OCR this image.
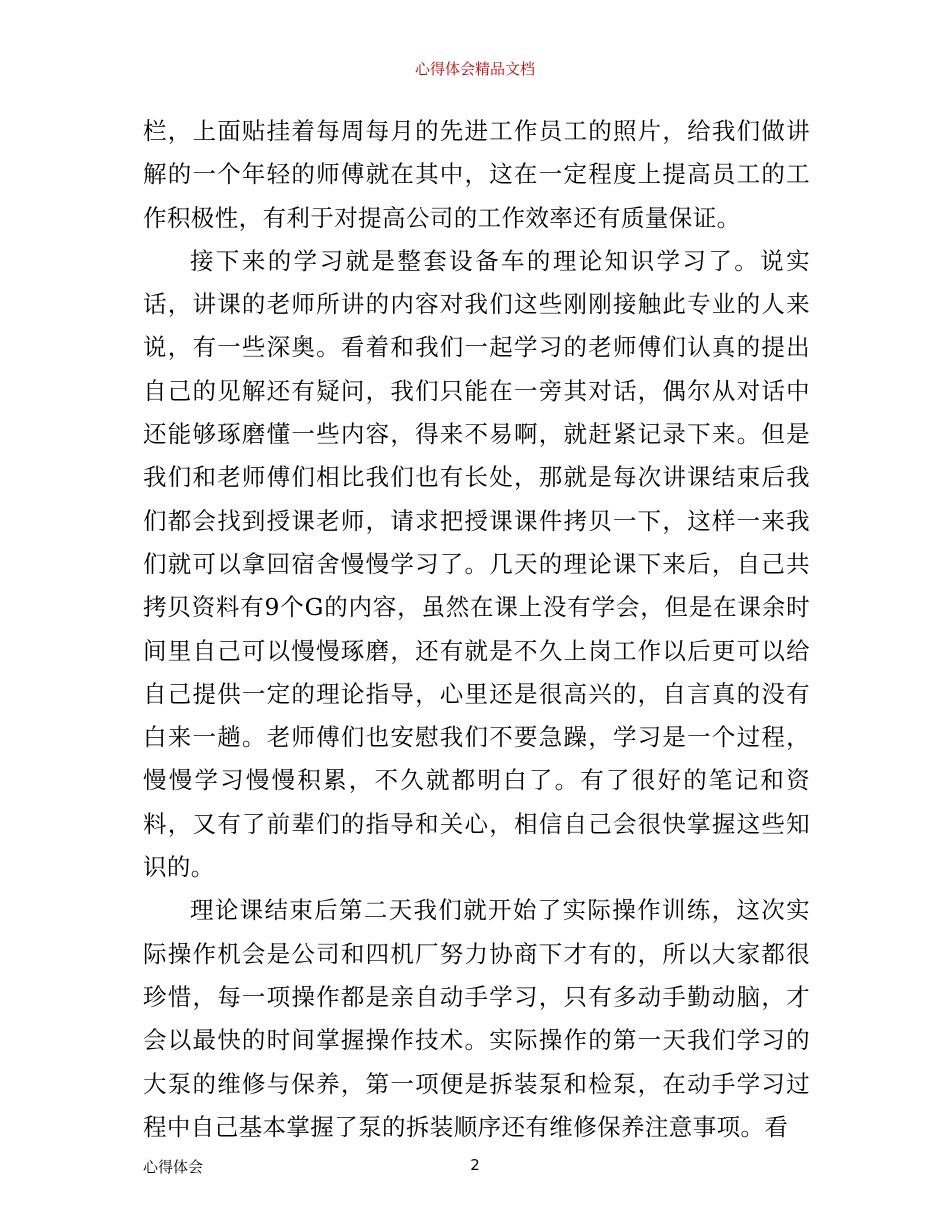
心得体会精品文档

栏，上面贴挂着每周每月的先进工作员工的照片，给我们做讲解的一个年轻的师傅就在其中，这在一定程度上提高员工的工作积极性，有利于对提高公司的工作效率还有质量保证。

接下来的学习就是整套设备车的理论知识学习了。说实话，讲课的老师所讲的内容对我们这些刚刚接触此专业的人来说，有一些深奥。看着和我们一起学习的老师傅们认真的提出自己的见解还有疑问，我们只能在一旁其对话，偶尔从对话中还能够琢磨懂一些内容，得来不易啊，就赶紧记录下来。但是我们和老师傅们相比我们也有长处，那就是每次讲课结束后我们都会找到授课老师，请求把授课课件拷贝一下，这样一来我们就可以拿回宿舍慢慢学习了。几天的理论课下来后，自己共拷贝资料有9个G的内容，虽然在课上没有学会，但是在课余时间里自己可以慢慢琢磨，还有就是不久上岗工作以后更可以给自己提供一定的理论指导，心里还是很高兴的，自言真的没有白来一趟。老师傅们也安慰我们不要急躁，学习是一个过程，慢慢学习慢慢积累，不久就都明白了。有了很好的笔记和资料，又有了前辈们的指导和关心，相信自己会很快掌握这些知识的。

理论课结束后第二天我们就开始了实际操作训练，这次实际操作机会是公司和四机厂努力协商下才有的，所以大家都很珍惜，每一项操作都是亲自动手学习，只有多动手勤动脑，才会以最快的时间掌握操作技术。实际操作的第一天我们学习的大泵的维修与保养，第一项便是拆装泵和检泵，在动手学习过程中自己基本掌握了泵的拆装顺序还有维修保养注意事项。看

心得体会	2
